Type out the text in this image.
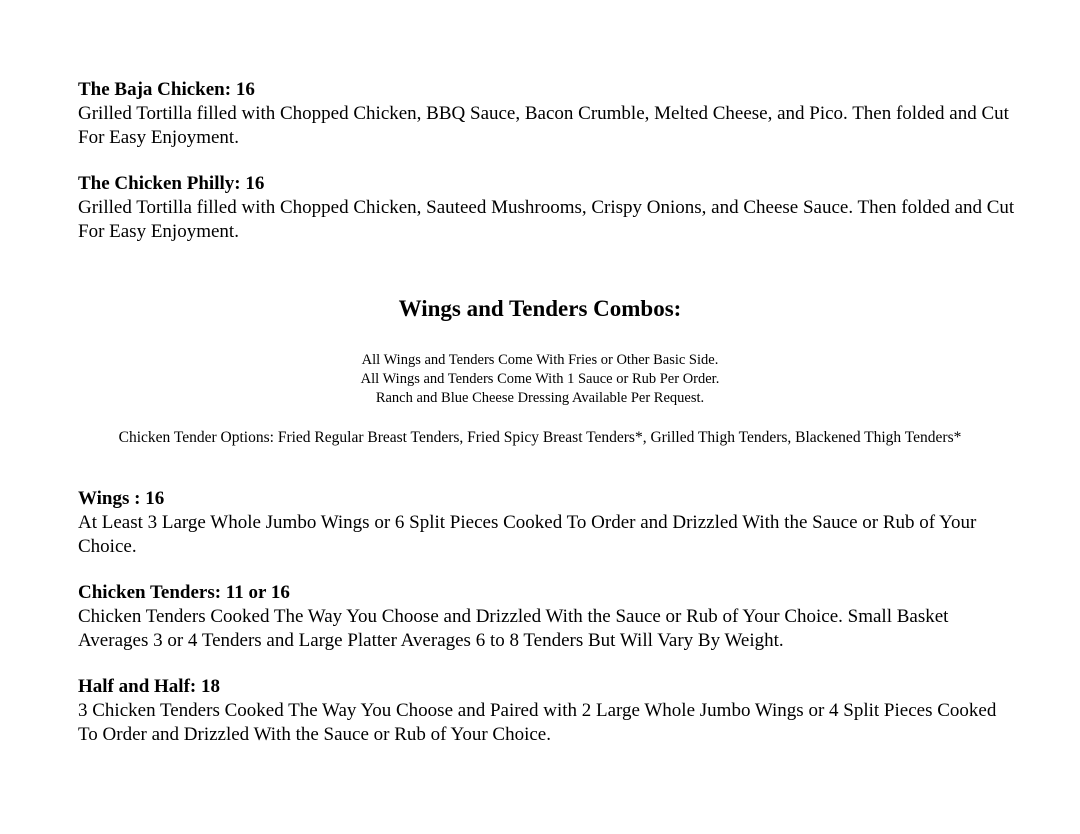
The Baja Chicken: 16

Grilled Tortilla filled with Chopped Chicken, BBQ Sauce, Bacon Crumble, Melted Cheese, and Pico. Then folded and Cut For Easy Enjoyment.

The Chicken Philly: 16

Grilled Tortilla filled with Chopped Chicken, Sauteed Mushrooms, Crispy Onions, and Cheese Sauce. Then folded and Cut For Easy Enjoyment.

Wings and Tenders Combos:
All Wings and Tenders Come With Fries or Other Basic Side.
All Wings and Tenders Come With 1 Sauce or Rub Per Order.
Ranch and Blue Cheese Dressing Available Per Request.
Chicken Tender Options: Fried Regular Breast Tenders, Fried Spicy Breast Tenders*, Grilled Thigh Tenders, Blackened Thigh Tenders*

Wings : 16

At Least 3 Large Whole Jumbo Wings or 6 Split Pieces Cooked To Order and Drizzled With the Sauce or Rub of Your Choice.

Chicken Tenders: 11 or 16

Chicken Tenders Cooked The Way You Choose and Drizzled With the Sauce or Rub of Your Choice. Small Basket Averages 3 or 4 Tenders and Large Platter Averages 6 to 8 Tenders But Will Vary By Weight.

Half and Half: 18

3 Chicken Tenders Cooked The Way You Choose and Paired with 2 Large Whole Jumbo Wings or 4 Split Pieces Cooked To Order and Drizzled With the Sauce or Rub of Your Choice.
